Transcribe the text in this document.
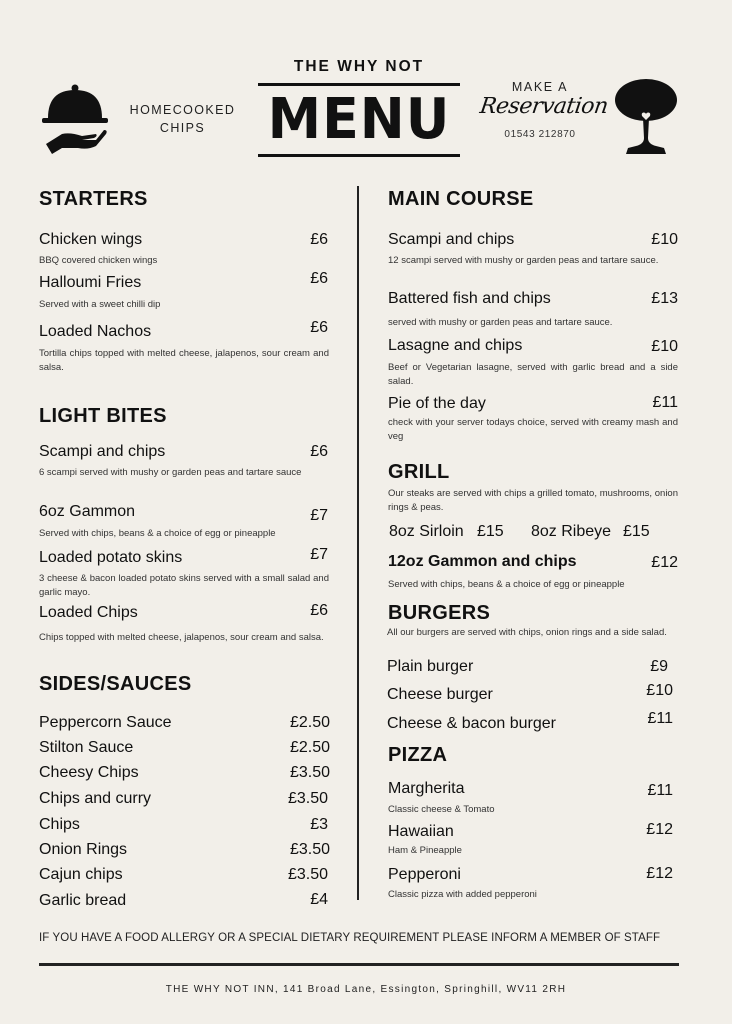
HOMECOOKED
CHIPS
THE WHY NOT
MENU	MAKE A
Reservation
01543 212870
STARTERS
Chicken wings	£6
BBQ covered chicken wings
Halloumi Fries	£6
Served with a sweet chilli dip
Loaded Nachos	£6
Tortilla chips topped with melted cheese, jalapenos, sour cream and salsa.
LIGHT BITES
Scampi and chips	£6
6 scampi served with mushy or garden peas and tartare sauce
6oz Gammon	£7
Served with chips, beans & a choice of egg or pineapple
Loaded potato skins	£7
3 cheese & bacon loaded potato skins served with a small salad and garlic mayo.
Loaded Chips	£6
Chips topped with melted cheese, jalapenos, sour cream and salsa.
SIDES/SAUCES
Peppercorn Sauce	£2.50
Stilton Sauce	£2.50
Cheesy Chips	£3.50
Chips and curry	£3.50
Chips	£3
Onion Rings	£3.50
Cajun chips	£3.50
Garlic bread	£4
MAIN COURSE
Scampi and chips	£10
12 scampi served with mushy or garden peas and tartare sauce.
Battered fish and chips	£13
served with mushy or garden peas and tartare sauce.
Lasagne and chips	£10
Beef or Vegetarian lasagne, served with garlic bread and a side salad.
Pie of the day	£11
check with your server todays choice, served with creamy mash and veg
GRILL
Our steaks are served with chips a grilled tomato, mushrooms, onion rings & peas.
8oz Sirloin £15 8oz Ribeye £15
12oz Gammon and chips	£12
Served with chips, beans & a choice of egg or pineapple
BURGERS
All our burgers are served with chips, onion rings and a side salad.
Plain burger	£9
Cheese burger	£10
Cheese & bacon burger	£11
PIZZA
Margherita	£11
Classic cheese & Tomato
Hawaiian	£12
Ham & Pineapple
Pepperoni	£12
Classic pizza with added pepperoni
IF YOU HAVE A FOOD ALLERGY OR A SPECIAL DIETARY REQUIREMENT PLEASE INFORM A MEMBER OF STAFF
THE WHY NOT INN, 141 Broad Lane, Essington, Springhill, WV11 2RH
